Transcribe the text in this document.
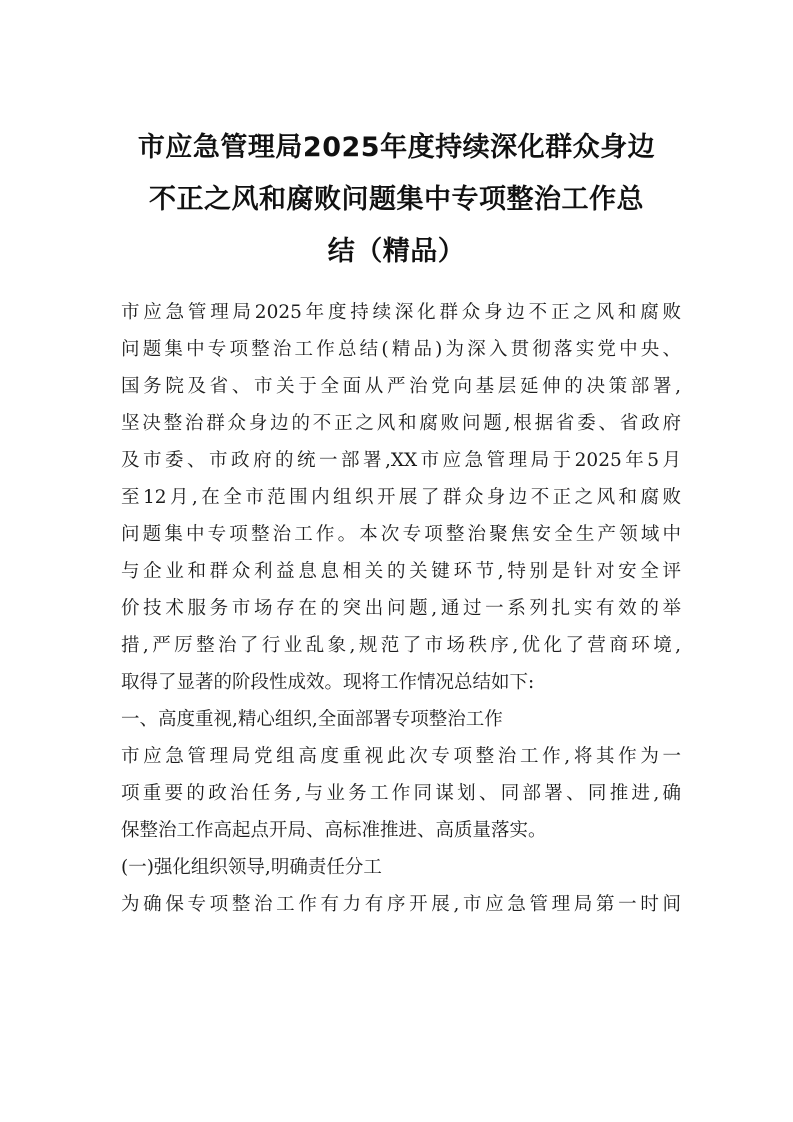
市应急管理局2025年度持续深化群众身边
不正之风和腐败问题集中专项整治工作总
结（精品）
市应急管理局2025年度持续深化群众身边不正之风和腐败
问题集中专项整治工作总结(精品)为深入贯彻落实党中央、
国务院及省、市关于全面从严治党向基层延伸的决策部署,
坚决整治群众身边的不正之风和腐败问题,根据省委、省政府
及市委、市政府的统一部署,XX市应急管理局于2025年5月
至12月,在全市范围内组织开展了群众身边不正之风和腐败
问题集中专项整治工作。本次专项整治聚焦安全生产领域中
与企业和群众利益息息相关的关键环节,特别是针对安全评
价技术服务市场存在的突出问题,通过一系列扎实有效的举
措,严厉整治了行业乱象,规范了市场秩序,优化了营商环境,
取得了显著的阶段性成效。现将工作情况总结如下:
一、高度重视,精心组织,全面部署专项整治工作
市应急管理局党组高度重视此次专项整治工作,将其作为一
项重要的政治任务,与业务工作同谋划、同部署、同推进,确
保整治工作高起点开局、高标准推进、高质量落实。
(一)强化组织领导,明确责任分工
为确保专项整治工作有力有序开展,市应急管理局第一时间
